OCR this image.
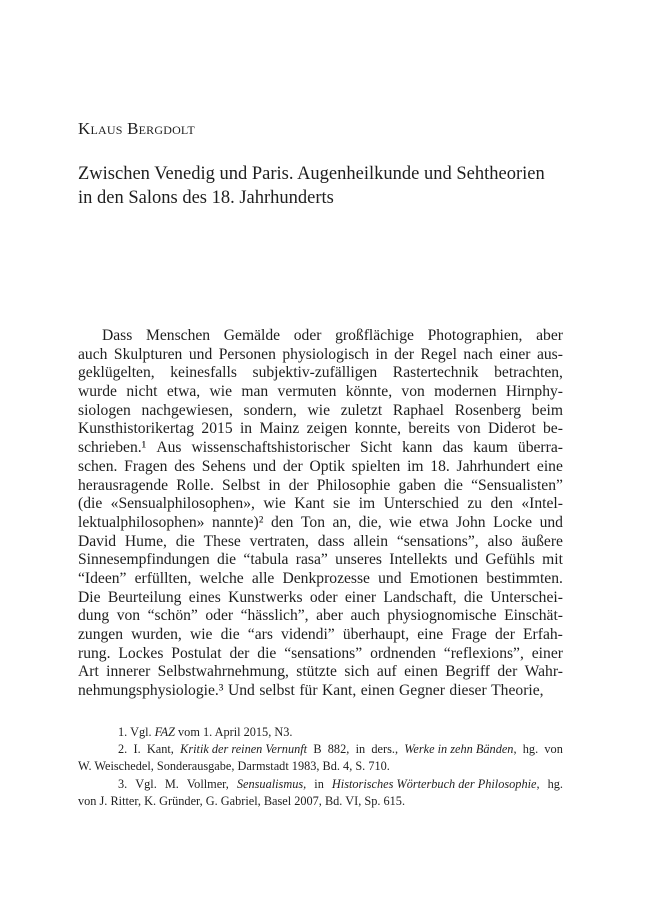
Klaus Bergdolt
Zwischen Venedig und Paris. Augenheilkunde und Sehtheorien
in den Salons des 18. Jahrhunderts
Dass Menschen Gemälde oder großflächige Photographien, aber
auch Skulpturen und Personen physiologisch in der Regel nach einer aus-
geklügelten, keinesfalls subjektiv-zufälligen Rastertechnik betrachten,
wurde nicht etwa, wie man vermuten könnte, von modernen Hirnphy-
siologen nachgewiesen, sondern, wie zuletzt Raphael Rosenberg beim
Kunsthistorikertag 2015 in Mainz zeigen konnte, bereits von Diderot be-
schrieben.¹ Aus wissenschaftshistorischer Sicht kann das kaum überra-
schen. Fragen des Sehens und der Optik spielten im 18. Jahrhundert eine
herausragende Rolle. Selbst in der Philosophie gaben die “Sensualisten”
(die «Sensualphilosophen», wie Kant sie im Unterschied zu den «Intel-
lektualphilosophen» nannte)² den Ton an, die, wie etwa John Locke und
David Hume, die These vertraten, dass allein “sensations”, also äußere
Sinnesempfindungen die “tabula rasa” unseres Intellekts und Gefühls mit
“Ideen” erfüllten, welche alle Denkprozesse und Emotionen bestimmten.
Die Beurteilung eines Kunstwerks oder einer Landschaft, die Unterschei-
dung von “schön” oder “hässlich”, aber auch physiognomische Einschät-
zungen wurden, wie die “ars videndi” überhaupt, eine Frage der Erfah-
rung. Lockes Postulat der die “sensations” ordnenden “reflexions”, einer
Art innerer Selbstwahrnehmung, stützte sich auf einen Begriff der Wahr-
nehmungsphysiologie.³ Und selbst für Kant, einen Gegner dieser Theorie,
1. Vgl. FAZ vom 1. April 2015, N3.
2. I. Kant, Kritik der reinen Vernunft B 882, in ders., Werke in zehn Bänden, hg. von
W. Weischedel, Sonderausgabe, Darmstadt 1983, Bd. 4, S. 710.
3. Vgl. M. Vollmer, Sensualismus, in Historisches Wörterbuch der Philosophie, hg.
von J. Ritter, K. Gründer, G. Gabriel, Basel 2007, Bd. VI, Sp. 615.
